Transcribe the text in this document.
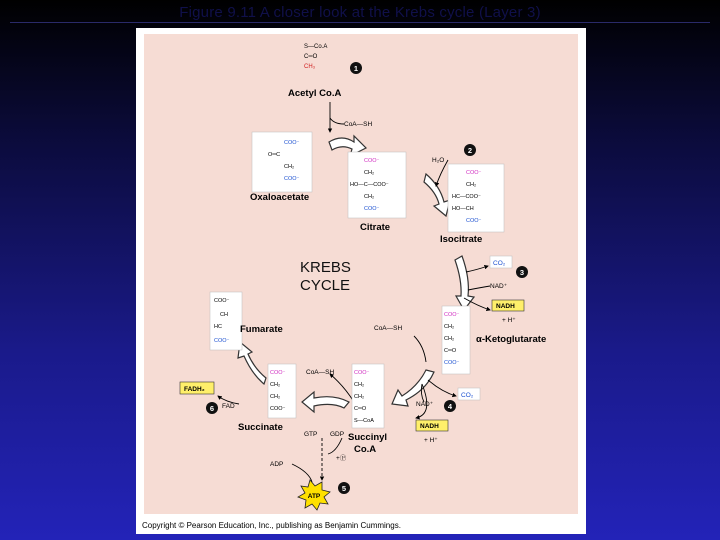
Figure 9.11 A closer look at the Krebs cycle (Layer 3)
S—Co.A
C═O
CH₃
COO⁻
O═C
CH₂
COO⁻
COO⁻
CH₂
HO—C—COO⁻
CH₂
COO⁻
COO⁻
CH₂
HC—COO⁻
HO—CH
COO⁻
COO⁻
CH₂
CH₂
C═O
COO⁻
COO⁻
CH₂
CH₂
C═O
S—CoA
COO⁻
CH₂
CH₂
COO⁻
COO⁻
CH
HC
COO⁻
Acetyl Co.A
Oxaloacetate
Citrate
Isocitrate
α-Ketoglutarate
Succinyl
Co.A
Succinate
Fumarate
KREBS
CYCLE
CoA—SH
H₂O
CO₂
NAD⁺
NADH
+ H⁺
CoA—SH
CO₂
NAD⁺
NADH
+ H⁺
CoA—SH
GTP GDP
+Ⓟ
ADP
FADH₂
FAD
ATP
1
2
3
4
5
6
Copyright © Pearson Education, Inc., publishing as Benjamin Cummings.
